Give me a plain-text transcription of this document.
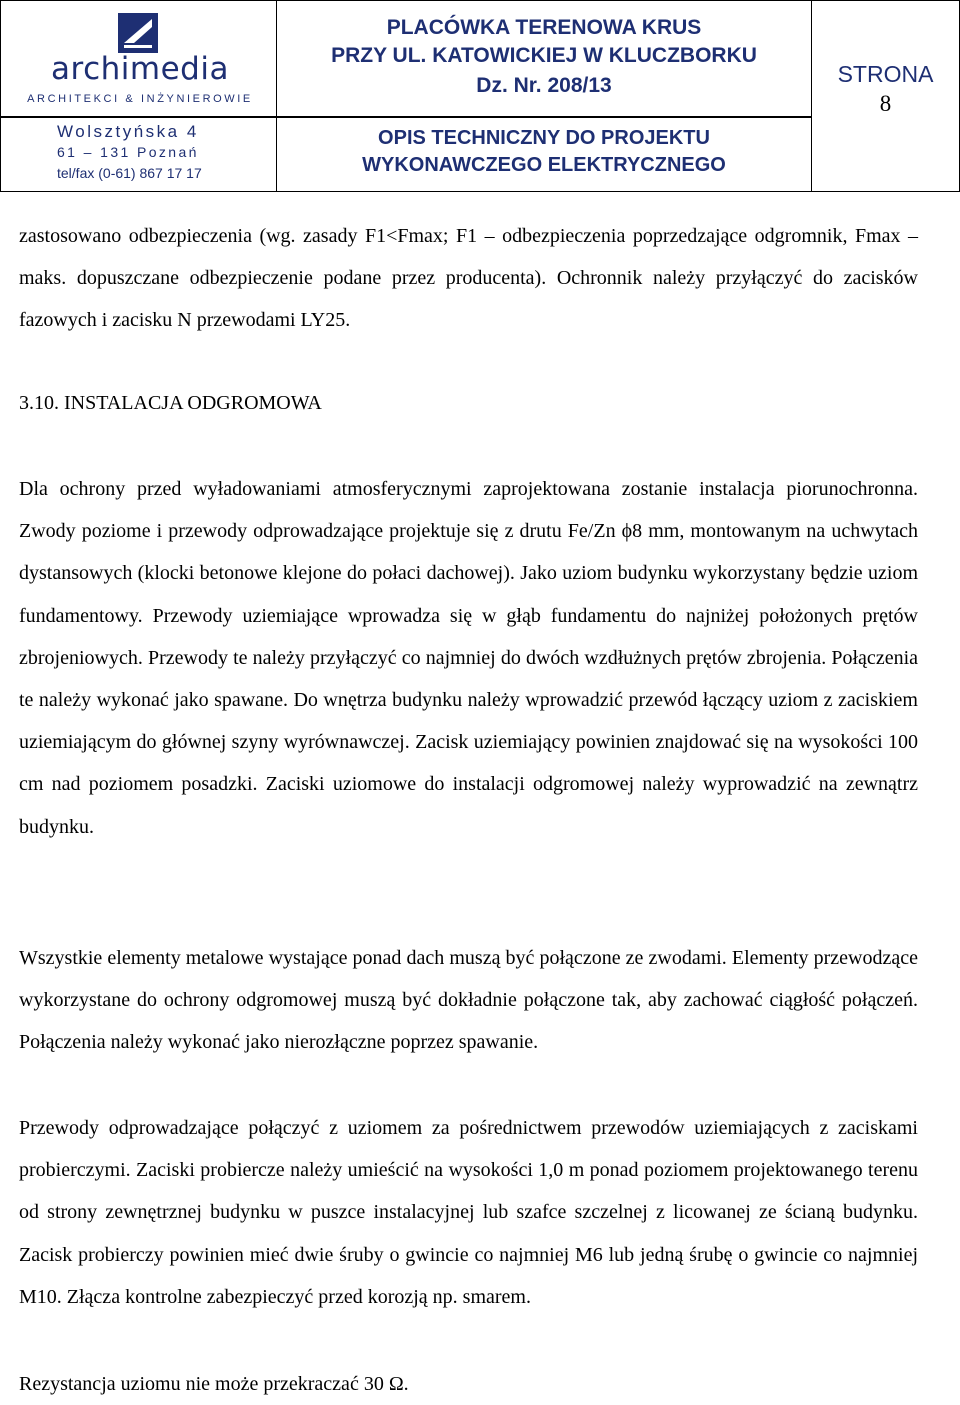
archimedia
ARCHITEKCI & INŻYNIEROWIE
Wolsztyńska 4
61 – 131 Poznań
tel/fax (0-61) 867 17 17
PLACÓWKA TERENOWA KRUS
PRZY UL. KATOWICKIEJ W KLUCZBORKU
Dz. Nr. 208/13
OPIS TECHNICZNY DO PROJEKTU
WYKONAWCZEGO ELEKTRYCZNEGO
STRONA
8

zastosowano odbezpieczenia (wg. zasady F1<Fmax; F1 – odbezpieczenia poprzedzające odgromnik, Fmax – maks. dopuszczane odbezpieczenie podane przez producenta). Ochronnik należy przyłączyć do zacisków fazowych i zacisku N przewodami LY25.

3.10. INSTALACJA ODGROMOWA

Dla ochrony przed wyładowaniami atmosferycznymi zaprojektowana zostanie instalacja piorunochronna. Zwody poziome i przewody odprowadzające projektuje się z drutu Fe/Zn ϕ8 mm, montowanym na uchwytach dystansowych (klocki betonowe klejone do połaci dachowej). Jako uziom budynku wykorzystany będzie uziom fundamentowy. Przewody uziemiające wprowadza się w głąb fundamentu do najniżej położonych prętów zbrojeniowych. Przewody te należy przyłączyć co najmniej do dwóch wzdłużnych prętów zbrojenia. Połączenia te należy wykonać jako spawane. Do wnętrza budynku należy wprowadzić przewód łączący uziom z zaciskiem uziemiającym do głównej szyny wyrównawczej. Zacisk uziemiający powinien znajdować się na wysokości 100 cm nad poziomem posadzki. Zaciski uziomowe do instalacji odgromowej należy wyprowadzić na zewnątrz budynku.

Wszystkie elementy metalowe wystające ponad dach muszą być połączone ze zwodami. Elementy przewodzące wykorzystane do ochrony odgromowej muszą być dokładnie połączone tak, aby zachować ciągłość połączeń. Połączenia należy wykonać jako nierozłączne poprzez spawanie.

Przewody odprowadzające połączyć z uziomem za pośrednictwem przewodów uziemiających z zaciskami probierczymi. Zaciski probiercze należy umieścić na wysokości 1,0 m ponad poziomem projektowanego terenu od strony zewnętrznej budynku w puszce instalacyjnej lub szafce szczelnej z licowanej ze ścianą budynku. Zacisk probierczy powinien mieć dwie śruby o gwincie co najmniej M6 lub jedną śrubę o gwincie co najmniej M10. Złącza kontrolne zabezpieczyć przed korozją np. smarem.

Rezystancja uziomu nie może przekraczać 30 Ω.
